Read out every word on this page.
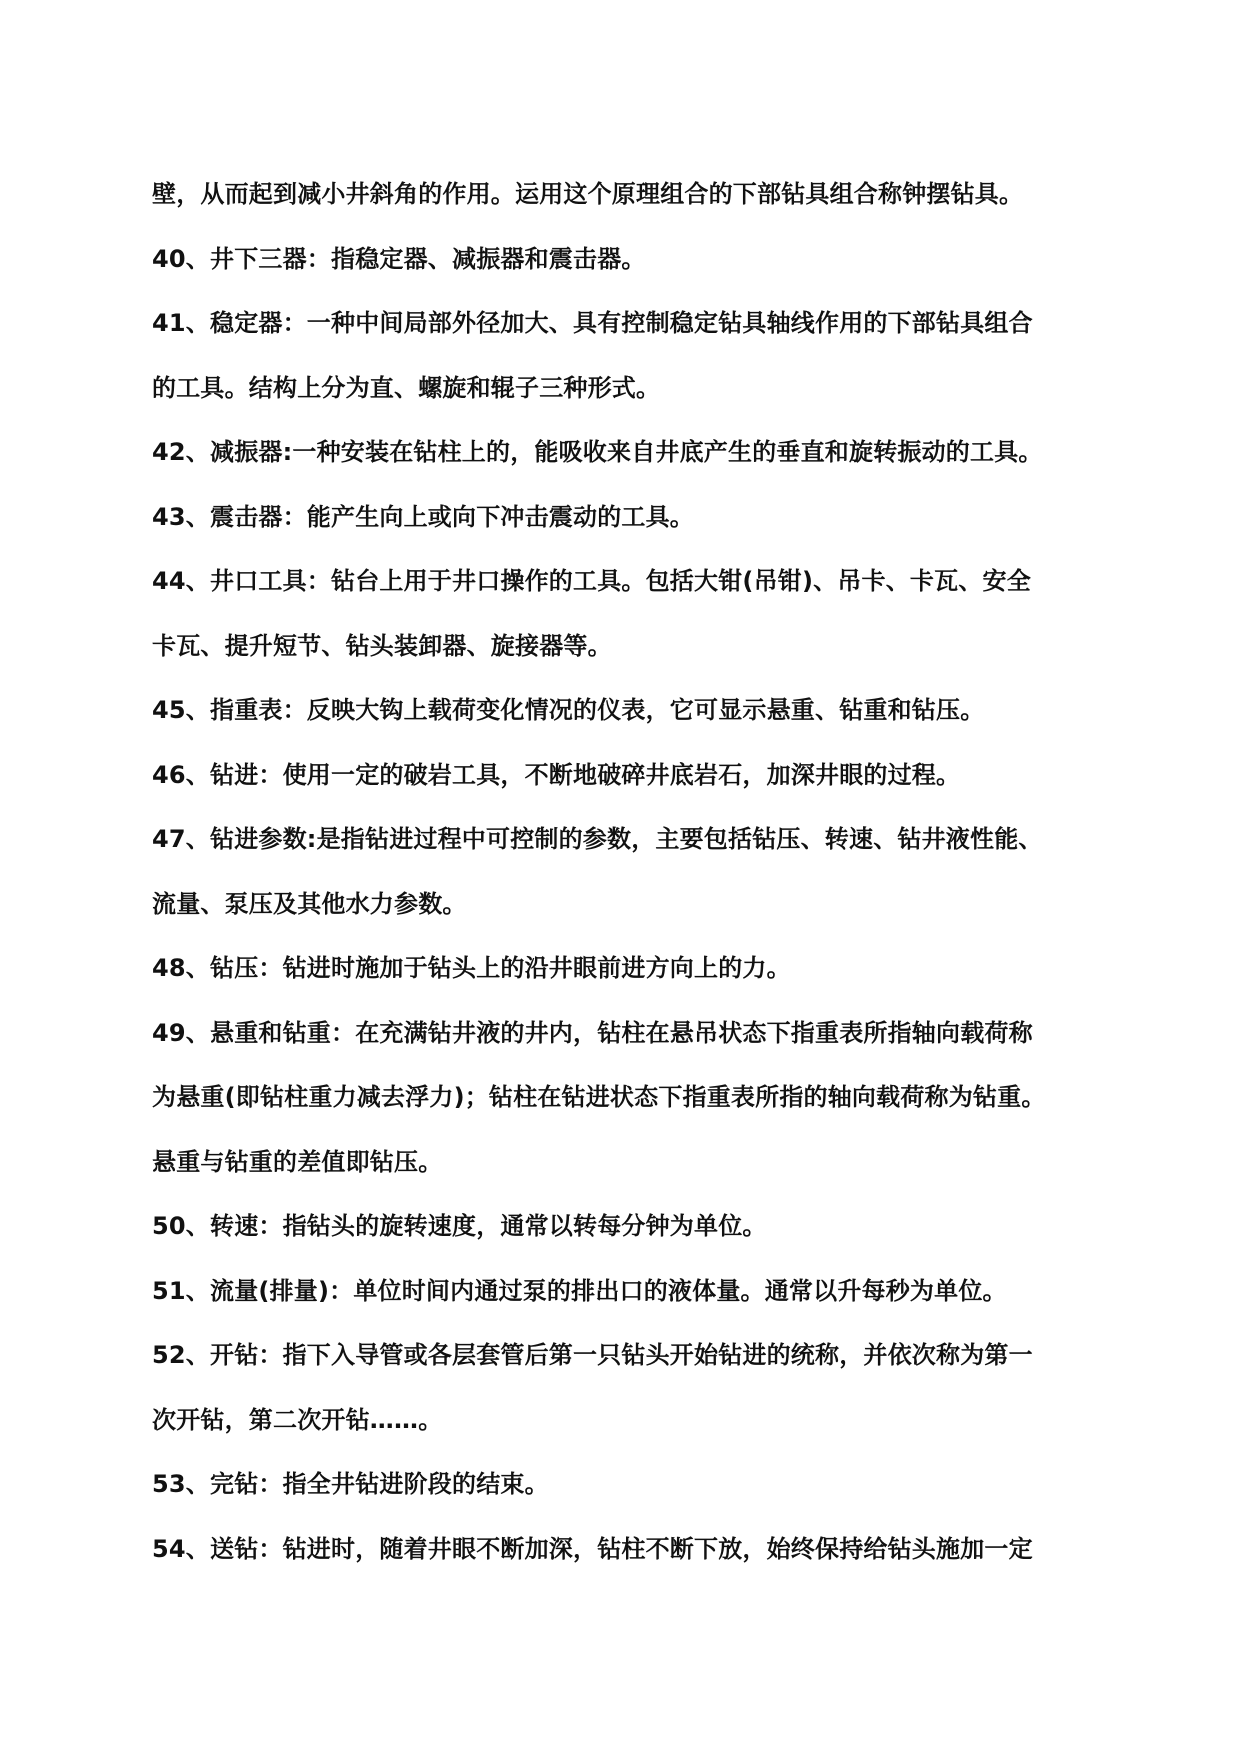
壁，从而起到减小井斜角的作用。运用这个原理组合的下部钻具组合称钟摆钻具。
40、井下三器：指稳定器、减振器和震击器。
41、稳定器：一种中间局部外径加大、具有控制稳定钻具轴线作用的下部钻具组合
的工具。结构上分为直、螺旋和辊子三种形式。
42、减振器:一种安装在钻柱上的，能吸收来自井底产生的垂直和旋转振动的工具。
43、震击器：能产生向上或向下冲击震动的工具。
44、井口工具：钻台上用于井口操作的工具。包括大钳(吊钳)、吊卡、卡瓦、安全
卡瓦、提升短节、钻头装卸器、旋接器等。
45、指重表：反映大钩上载荷变化情况的仪表，它可显示悬重、钻重和钻压。
46、钻进：使用一定的破岩工具，不断地破碎井底岩石，加深井眼的过程。
47、钻进参数:是指钻进过程中可控制的参数，主要包括钻压、转速、钻井液性能、
流量、泵压及其他水力参数。
48、钻压：钻进时施加于钻头上的沿井眼前进方向上的力。
49、悬重和钻重：在充满钻井液的井内，钻柱在悬吊状态下指重表所指轴向载荷称
为悬重(即钻柱重力减去浮力)；钻柱在钻进状态下指重表所指的轴向载荷称为钻重。
悬重与钻重的差值即钻压。
50、转速：指钻头的旋转速度，通常以转每分钟为单位。
51、流量(排量)：单位时间内通过泵的排出口的液体量。通常以升每秒为单位。
52、开钻：指下入导管或各层套管后第一只钻头开始钻进的统称，并依次称为第一
次开钻，第二次开钻……。
53、完钻：指全井钻进阶段的结束。
54、送钻：钻进时，随着井眼不断加深，钻柱不断下放，始终保持给钻头施加一定
